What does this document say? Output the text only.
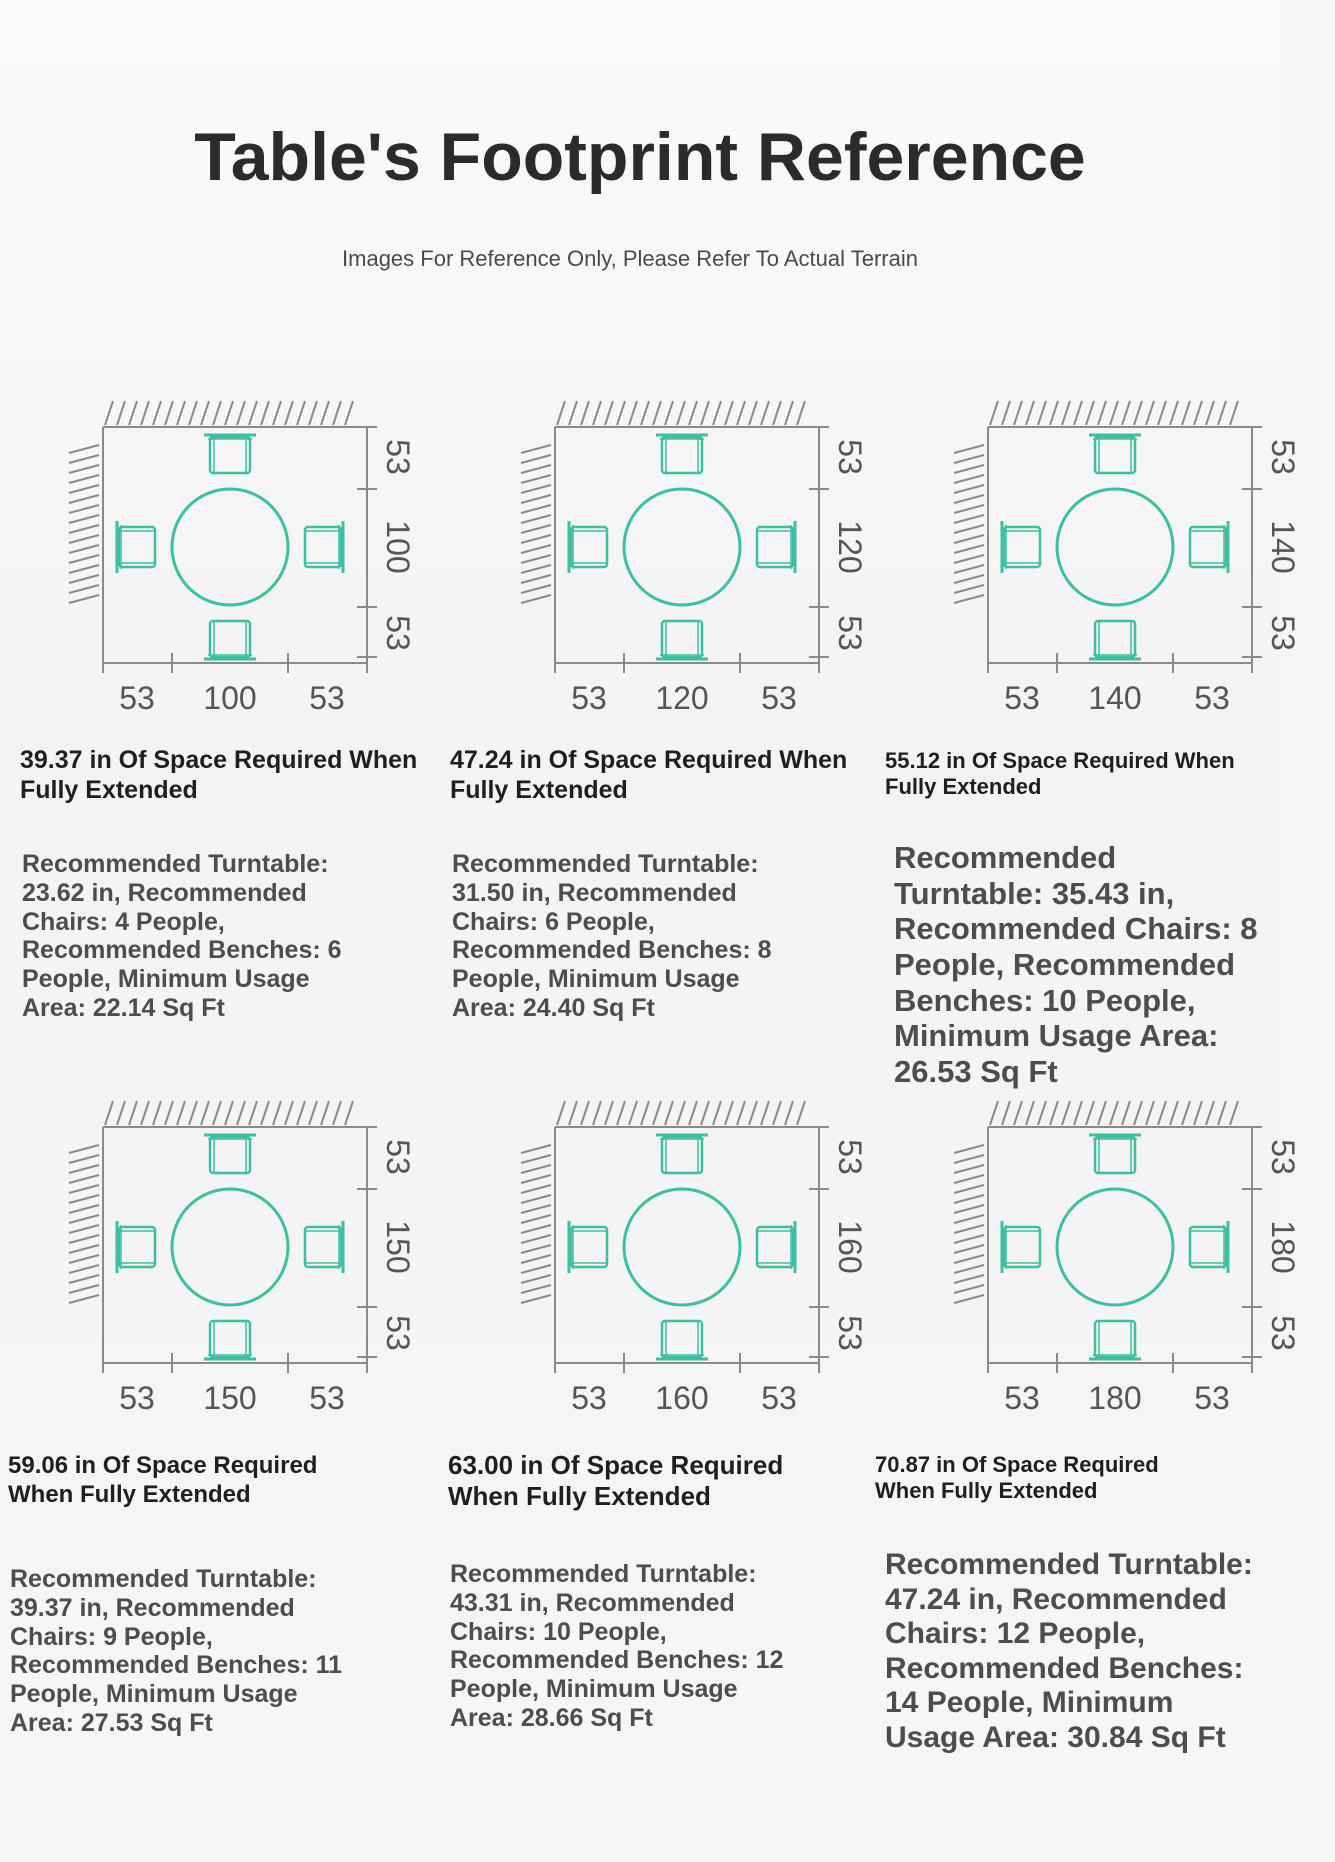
Table's Footprint Reference
Images For Reference Only, Please Refer To Actual Terrain
53
100
53
53 100 53
39.37 in Of Space Required When Fully Extended
Recommended Turntable: 23.62 in, Recommended Chairs: 4 People, Recommended Benches: 6 People, Minimum Usage Area: 22.14 Sq Ft
53
120
53
53 120 53
47.24 in Of Space Required When Fully Extended
Recommended Turntable: 31.50 in, Recommended Chairs: 6 People, Recommended Benches: 8 People, Minimum Usage Area: 24.40 Sq Ft
53
140
53
53 140 53
55.12 in Of Space Required When Fully Extended
Recommended Turntable: 35.43 in, Recommended Chairs: 8 People, Recommended Benches: 10 People, Minimum Usage Area: 26.53 Sq Ft
53
150
53
53 150 53
59.06 in Of Space Required When Fully Extended
Recommended Turntable: 39.37 in, Recommended Chairs: 9 People, Recommended Benches: 11 People, Minimum Usage Area: 27.53 Sq Ft
53
160
53
53 160 53
63.00 in Of Space Required When Fully Extended
Recommended Turntable: 43.31 in, Recommended Chairs: 10 People, Recommended Benches: 12 People, Minimum Usage Area: 28.66 Sq Ft
53
180
53
53 180 53
70.87 in Of Space Required When Fully Extended
Recommended Turntable: 47.24 in, Recommended Chairs: 12 People, Recommended Benches: 14 People, Minimum Usage Area: 30.84 Sq Ft
